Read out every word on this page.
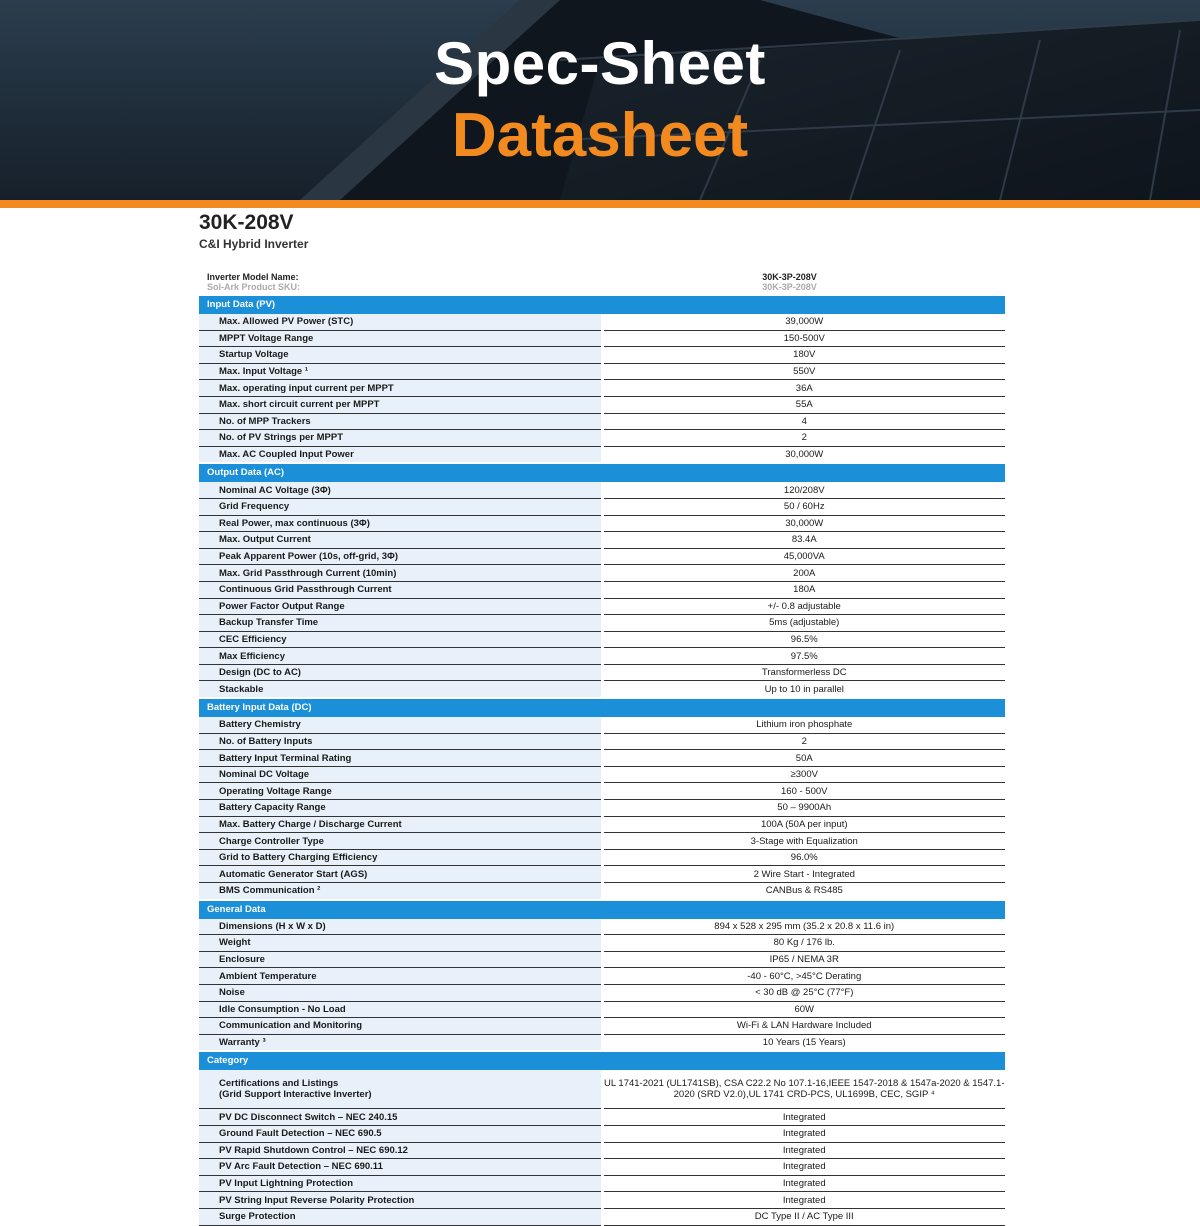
Spec-Sheet
Datasheet
30K-208V
C&I Hybrid Inverter
Inverter Model Name:	30K-3P-208V
Sol-Ark Product SKU:	30K-3P-208V
Input Data (PV)	

Max. Allowed PV Power (STC)	39,000W

MPPT Voltage Range	150-500V

Startup Voltage	180V

Max. Input Voltage ¹	550V

Max. operating input current per MPPT	36A

Max. short circuit current per MPPT	55A

No. of MPP Trackers	4

No. of PV Strings per MPPT	2

Max. AC Coupled Input Power	30,000W
Output Data (AC)	

Nominal AC Voltage (3Φ)	120/208V

Grid Frequency	50 / 60Hz

Real Power, max continuous (3Φ)	30,000W

Max. Output Current	83.4A

Peak Apparent Power (10s, off-grid, 3Φ)	45,000VA

Max. Grid Passthrough Current (10min)	200A

Continuous Grid Passthrough Current	180A

Power Factor Output Range	+/- 0.8 adjustable

Backup Transfer Time	5ms (adjustable)

CEC Efficiency	96.5%

Max Efficiency	97.5%

Design (DC to AC)	Transformerless DC

Stackable	Up to 10 in parallel
Battery Input Data (DC)	

Battery Chemistry	Lithium iron phosphate

No. of Battery Inputs	2

Battery Input Terminal Rating	50A

Nominal DC Voltage	≥300V

Operating Voltage Range	160 - 500V

Battery Capacity Range	50 – 9900Ah

Max. Battery Charge / Discharge Current	100A (50A per input)

Charge Controller Type	3-Stage with Equalization

Grid to Battery Charging Efficiency	96.0%

Automatic Generator Start (AGS)	2 Wire Start - Integrated

BMS Communication ²	CANBus & RS485
General Data	

Dimensions (H x W x D)	894 x 528 x 295 mm (35.2 x 20.8 x 11.6 in)

Weight	80 Kg / 176 lb.

Enclosure	IP65 / NEMA 3R

Ambient Temperature	-40 - 60°C, >45°C Derating

Noise	< 30 dB @ 25°C (77°F)

Idle Consumption - No Load	60W

Communication and Monitoring	Wi-Fi & LAN Hardware Included

Warranty ³	10 Years (15 Years)
Category	

Certifications and Listings
(Grid Support Interactive Inverter)	UL 1741-2021 (UL1741SB), CSA C22.2 No 107.1-16,IEEE 1547-2018 & 1547a-2020 & 1547.1-2020 (SRD V2.0),UL 1741 CRD-PCS, UL1699B, CEC, SGIP ⁴

PV DC Disconnect Switch – NEC 240.15	Integrated

Ground Fault Detection – NEC 690.5	Integrated

PV Rapid Shutdown Control – NEC 690.12	Integrated

PV Arc Fault Detection – NEC 690.11	Integrated

PV Input Lightning Protection	Integrated

PV String Input Reverse Polarity Protection	Integrated

Surge Protection	DC Type II / AC Type III
